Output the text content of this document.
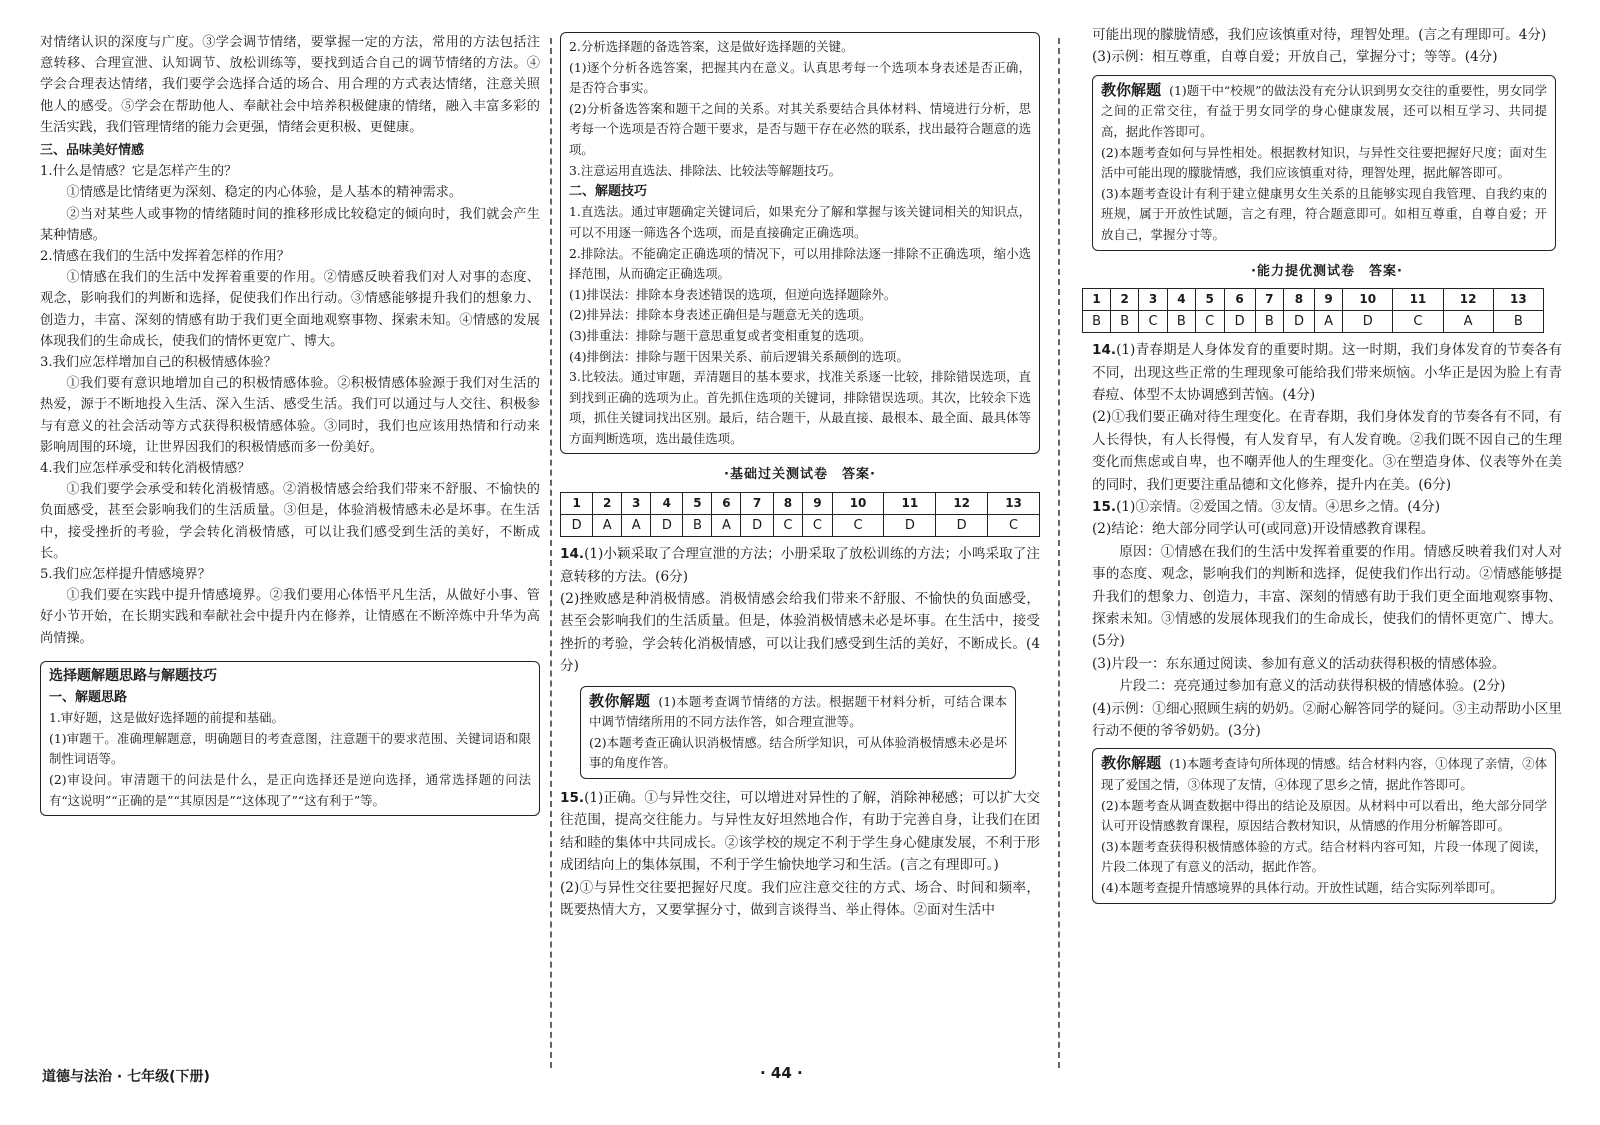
对情绪认识的深度与广度。③学会调节情绪，要掌握一定的方法，常用的方法包括注意转移、合理宣泄、认知调节、放松训练等，要找到适合自己的调节情绪的方法。④学会合理表达情绪，我们要学会选择合适的场合、用合理的方式表达情绪，注意关照他人的感受。⑤学会在帮助他人、奉献社会中培养积极健康的情绪，融入丰富多彩的生活实践，我们管理情绪的能力会更强，情绪会更积极、更健康。

三、品味美好情感

1.什么是情感？它是怎样产生的？

①情感是比情绪更为深刻、稳定的内心体验，是人基本的精神需求。

②当对某些人或事物的情绪随时间的推移形成比较稳定的倾向时，我们就会产生某种情感。

2.情感在我们的生活中发挥着怎样的作用？

①情感在我们的生活中发挥着重要的作用。②情感反映着我们对人对事的态度、观念，影响我们的判断和选择，促使我们作出行动。③情感能够提升我们的想象力、创造力，丰富、深刻的情感有助于我们更全面地观察事物、探索未知。④情感的发展体现我们的生命成长，使我们的情怀更宽广、博大。

3.我们应怎样增加自己的积极情感体验？

①我们要有意识地增加自己的积极情感体验。②积极情感体验源于我们对生活的热爱，源于不断地投入生活、深入生活、感受生活。我们可以通过与人交往、积极参与有意义的社会活动等方式获得积极情感体验。③同时，我们也应该用热情和行动来影响周围的环境，让世界因我们的积极情感而多一份美好。

4.我们应怎样承受和转化消极情感？

①我们要学会承受和转化消极情感。②消极情感会给我们带来不舒服、不愉快的负面感受，甚至会影响我们的生活质量。③但是，体验消极情感未必是坏事。在生活中，接受挫折的考验，学会转化消极情感，可以让我们感受到生活的美好，不断成长。

5.我们应怎样提升情感境界？

①我们要在实践中提升情感境界。②我们要用心体悟平凡生活，从做好小事、管好小节开始，在长期实践和奉献社会中提升内在修养，让情感在不断淬炼中升华为高尚情操。

选择题解题思路与解题技巧

一、解题思路

1.审好题，这是做好选择题的前提和基础。

(1)审题干。准确理解题意，明确题目的考查意图，注意题干的要求范围、关键词语和限制性词语等。

(2)审设问。审清题干的问法是什么，是正向选择还是逆向选择，通常选择题的问法有“这说明”“正确的是”“其原因是”“这体现了”“这有利于”等。

2.分析选择题的备选答案，这是做好选择题的关键。

(1)逐个分析各选答案，把握其内在意义。认真思考每一个选项本身表述是否正确，是否符合事实。

(2)分析备选答案和题干之间的关系。对其关系要结合具体材料、情境进行分析，思考每一个选项是否符合题干要求，是否与题干存在必然的联系，找出最符合题意的选项。

3.注意运用直选法、排除法、比较法等解题技巧。

二、解题技巧

1.直选法。通过审题确定关键词后，如果充分了解和掌握与该关键词相关的知识点，可以不用逐一筛选各个选项，而是直接确定正确选项。

2.排除法。不能确定正确选项的情况下，可以用排除法逐一排除不正确选项，缩小选择范围，从而确定正确选项。

(1)排误法：排除本身表述错误的选项，但逆向选择题除外。

(2)排异法：排除本身表述正确但是与题意无关的选项。

(3)排重法：排除与题干意思重复或者变相重复的选项。

(4)排倒法：排除与题干因果关系、前后逻辑关系颠倒的选项。

3.比较法。通过审题，弄清题目的基本要求，找准关系逐一比较，排除错误选项，直到找到正确的选项为止。首先抓住选项的关键词，排除错误选项。其次，比较余下选项，抓住关键词找出区别。最后，结合题干，从最直接、最根本、最全面、最具体等方面判断选项，选出最佳选项。

·基础过关测试卷　答案·

1	2	3	4	5	6	7	8	9	10	11	12	13
D	A	A	D	B	A	D	C	C	C	D	D	C

14.(1)小颖采取了合理宣泄的方法；小册采取了放松训练的方法；小鸣采取了注意转移的方法。(6分)

(2)挫败感是种消极情感。消极情感会给我们带来不舒服、不愉快的负面感受，甚至会影响我们的生活质量。但是，体验消极情感未必是坏事。在生活中，接受挫折的考验，学会转化消极情感，可以让我们感受到生活的美好，不断成长。(4分)

教你解题 (1)本题考查调节情绪的方法。根据题干材料分析，可结合课本中调节情绪所用的不同方法作答，如合理宣泄等。

(2)本题考查正确认识消极情感。结合所学知识，可从体验消极情感未必是坏事的角度作答。

15.(1)正确。①与异性交往，可以增进对异性的了解，消除神秘感；可以扩大交往范围，提高交往能力。与异性友好坦然地合作，有助于完善自身，让我们在团结和睦的集体中共同成长。②该学校的规定不利于学生身心健康发展，不利于形成团结向上的集体氛围，不利于学生愉快地学习和生活。(言之有理即可。)

(2)①与异性交往要把握好尺度。我们应注意交往的方式、场合、时间和频率，既要热情大方，又要掌握分寸，做到言谈得当、举止得体。②面对生活中

可能出现的朦胧情感，我们应该慎重对待，理智处理。(言之有理即可。4分)

(3)示例：相互尊重，自尊自爱；开放自己，掌握分寸；等等。(4分)

教你解题 (1)题干中“校规”的做法没有充分认识到男女交往的重要性，男女同学之间的正常交往，有益于男女同学的身心健康发展，还可以相互学习、共同提高，据此作答即可。

(2)本题考查如何与异性相处。根据教材知识，与异性交往要把握好尺度；面对生活中可能出现的朦胧情感，我们应该慎重对待，理智处理，据此解答即可。

(3)本题考查设计有利于建立健康男女生关系的且能够实现自我管理、自我约束的班规，属于开放性试题，言之有理，符合题意即可。如相互尊重，自尊自爱；开放自己，掌握分寸等。

·能力提优测试卷　答案·

1	2	3	4	5	6	7	8	9	10	11	12	13
B	B	C	B	C	D	B	D	A	D	C	A	B

14.(1)青春期是人身体发育的重要时期。这一时期，我们身体发育的节奏各有不同，出现这些正常的生理现象可能给我们带来烦恼。小华正是因为脸上有青春痘、体型不太协调感到苦恼。(4分)

(2)①我们要正确对待生理变化。在青春期，我们身体发育的节奏各有不同，有人长得快，有人长得慢，有人发育早，有人发育晚。②我们既不因自己的生理变化而焦虑或自卑，也不嘲弄他人的生理变化。③在塑造身体、仪表等外在美的同时，我们更要注重品德和文化修养，提升内在美。(6分)

15.(1)①亲情。②爱国之情。③友情。④思乡之情。(4分)

(2)结论：绝大部分同学认可(或同意)开设情感教育课程。

原因：①情感在我们的生活中发挥着重要的作用。情感反映着我们对人对事的态度、观念，影响我们的判断和选择，促使我们作出行动。②情感能够提升我们的想象力、创造力，丰富、深刻的情感有助于我们更全面地观察事物、探索未知。③情感的发展体现我们的生命成长，使我们的情怀更宽广、博大。(5分)

(3)片段一：东东通过阅读、参加有意义的活动获得积极的情感体验。

片段二：亮亮通过参加有意义的活动获得积极的情感体验。(2分)

(4)示例：①细心照顾生病的奶奶。②耐心解答同学的疑问。③主动帮助小区里行动不便的爷爷奶奶。(3分)

教你解题 (1)本题考查诗句所体现的情感。结合材料内容，①体现了亲情，②体现了爱国之情，③体现了友情，④体现了思乡之情，据此作答即可。

(2)本题考查从调查数据中得出的结论及原因。从材料中可以看出，绝大部分同学认可开设情感教育课程，原因结合教材知识，从情感的作用分析解答即可。

(3)本题考查获得积极情感体验的方式。结合材料内容可知，片段一体现了阅读，片段二体现了有意义的活动，据此作答。

(4)本题考查提升情感境界的具体行动。开放性试题，结合实际列举即可。

道德与法治 · 七年级(下册)	· 44 ·
